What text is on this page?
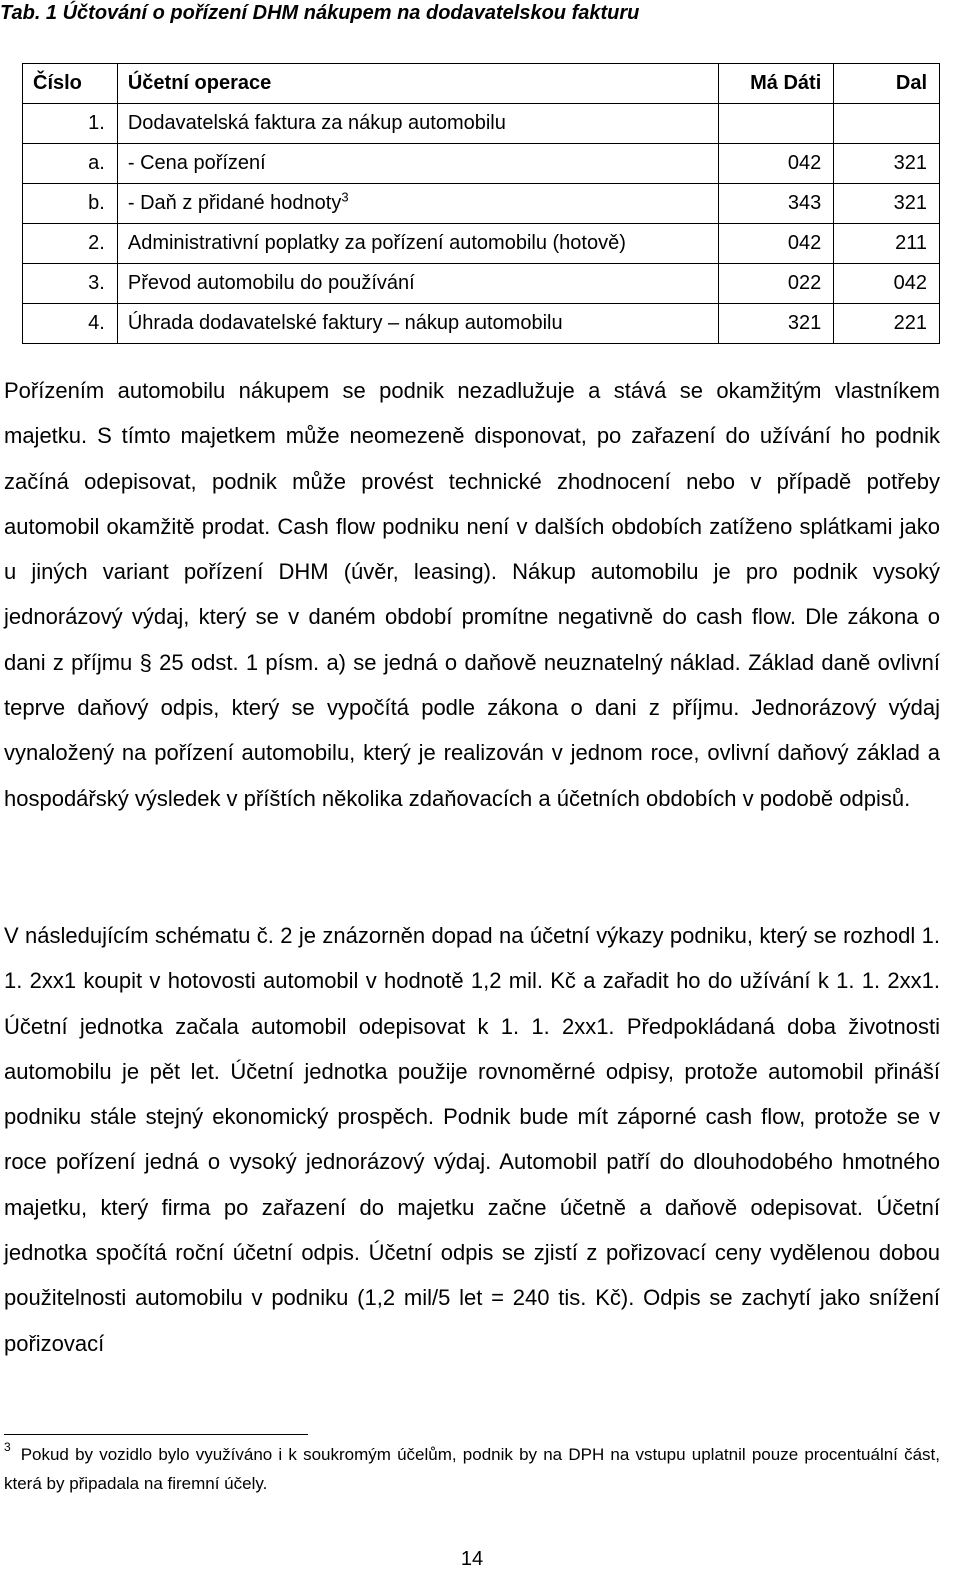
Tab. 1 Účtování o pořízení DHM nákupem na dodavatelskou fakturu
Číslo	Účetní operace	Má Dáti	Dal
1.	Dodavatelská faktura za nákup automobilu		
a.	- Cena pořízení	042	321
b.	- Daň z přidané hodnoty$^3$	343	321
2.	Administrativní poplatky za pořízení automobilu (hotově)	042	211
3.	Převod automobilu do používání	022	042
4.	Úhrada dodavatelské faktury – nákup automobilu	321	221

Pořízením automobilu nákupem se podnik nezadlužuje a stává se okamžitým vlastníkem majetku. S tímto majetkem může neomezeně disponovat, po zařazení do užívání ho podnik začíná odepisovat, podnik může provést technické zhodnocení nebo v případě potřeby automobil okamžitě prodat. Cash flow podniku není v dalších obdobích zatíženo splátkami jako u jiných variant pořízení DHM (úvěr, leasing). Nákup automobilu je pro podnik vysoký jednorázový výdaj, který se v daném období promítne negativně do cash flow. Dle zákona o dani z příjmu § 25 odst. 1 písm. a) se jedná o daňově neuznatelný náklad. Základ daně ovlivní teprve daňový odpis, který se vypočítá podle zákona o dani z příjmu. Jednorázový výdaj vynaložený na pořízení automobilu, který je realizován v jednom roce, ovlivní daňový základ a hospodářský výsledek v příštích několika zdaňovacích a účetních obdobích v podobě odpisů.

V následujícím schématu č. 2 je znázorněn dopad na účetní výkazy podniku, který se rozhodl 1. 1. 2xx1 koupit v hotovosti automobil v hodnotě 1,2 mil. Kč a zařadit ho do užívání k 1. 1. 2xx1. Účetní jednotka začala automobil odepisovat k 1. 1. 2xx1. Předpokládaná doba životnosti automobilu je pět let. Účetní jednotka použije rovnoměrné odpisy, protože automobil přináší podniku stále stejný ekonomický prospěch. Podnik bude mít záporné cash flow, protože se v roce pořízení jedná o vysoký jednorázový výdaj. Automobil patří do dlouhodobého hmotného majetku, který firma po zařazení do majetku začne účetně a daňově odepisovat. Účetní jednotka spočítá roční účetní odpis. Účetní odpis se zjistí z pořizovací ceny vydělenou dobou použitelnosti automobilu v podniku (1,2 mil/5 let = 240 tis. Kč). Odpis se zachytí jako snížení pořizovací

$^3$ Pokud by vozidlo bylo využíváno i k soukromým účelům, podnik by na DPH na vstupu uplatnil pouze procentuální část, která by připadala na firemní účely.

14
